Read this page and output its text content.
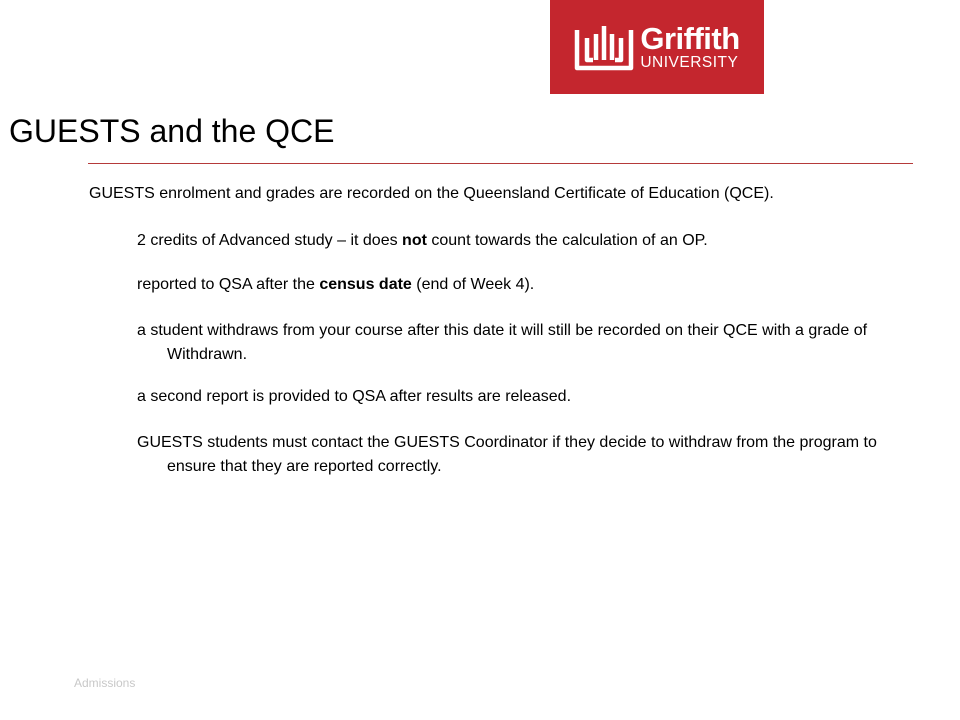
Griffith
UNIVERSITY
GUESTS and the QCE

GUESTS enrolment and grades are recorded on the Queensland Certificate of Education (QCE).

2 credits of Advanced study – it does not count towards the calculation of an OP.

reported to QSA after the census date (end of Week 4).

a student withdraws from your course after this date it will still be recorded on their QCE with a grade of Withdrawn.

a second report is provided to QSA after results are released.

GUESTS students must contact the GUESTS Coordinator if they decide to withdraw from the program to ensure that they are reported correctly.

Admissions
